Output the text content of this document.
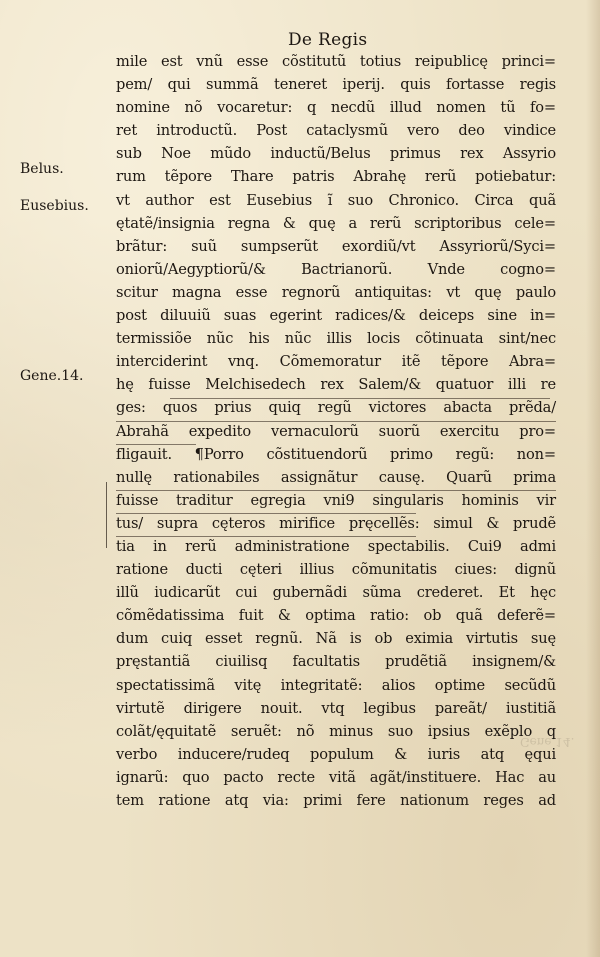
De Regis
Belus.
Eusebius.
Gene.14.
mile est vnũ esse cõstitutũ totius reipublicę princi=
pem/ qui summã teneret iperij. quis fortasse regis
nomine nõ vocaretur: q necdũ illud nomen tũ fo=
ret introductũ. Post cataclysmũ vero deo vindice
sub Noe mũdo inductũ/Belus primus rex Assyrio
rum tẽpore Thare patris Abrahę rerũ potiebatur:
vt author est Eusebius ĩ suo Chronico. Circa quã
ętatẽ/insignia regna & quę a rerũ scriptoribus cele=
brãtur: suũ sumpserũt exordiũ/vt Assyriorũ/Syci=
oniorũ/Aegyptiorũ/& Bactrianorũ. Vnde cogno=
scitur magna esse regnorũ antiquitas: vt quę paulo
post diluuiũ suas egerint radices/& deiceps sine in=
termissiõe nũc his nũc illis locis cõtinuata sint/nec
interciderint vnq. Cõmemoratur itẽ tẽpore Abra=
hę fuisse Melchisedech rex Salem/& quatuor illi re
ges: quos prius quiq regũ victores abacta prẽda/
Abrahã expedito vernaculorũ suorũ exercitu pro=
fligauit. ¶Porro cõstituendorũ primo regũ: non=
nullę rationabiles assignãtur causę. Quarũ prima
fuisse traditur egregia vni9 singularis hominis vir
tus/ supra cęteros mirifice pręcellẽs: simul & prudẽ
tia in rerũ administratione spectabilis. Cui9 admi
ratione ducti cęteri illius cõmunitatis ciues: dignũ
illũ iudicarũt cui gubernãdi sũma crederet. Et hęc
cõmẽdatissima fuit & optima ratio: ob quã deferẽ=
dum cuiq esset regnũ. Nã is ob eximia virtutis suę
pręstantiã ciuilisq facultatis prudẽtiã insignem/&
spectatissimã vitę integritatẽ: alios optime secũdũ
virtutẽ dirigere nouit. vtq legibus pareãt/ iustitiã
colãt/ęquitatẽ seruẽt: nõ minus suo ipsius exẽplo q
verbo inducere/rudeq populum & iuris atq ęqui
ignarũ: quo pacto recte vitã agãt/instituere. Hac au
tem ratione atq via: primi fere nationum reges ad
Gene.14.
